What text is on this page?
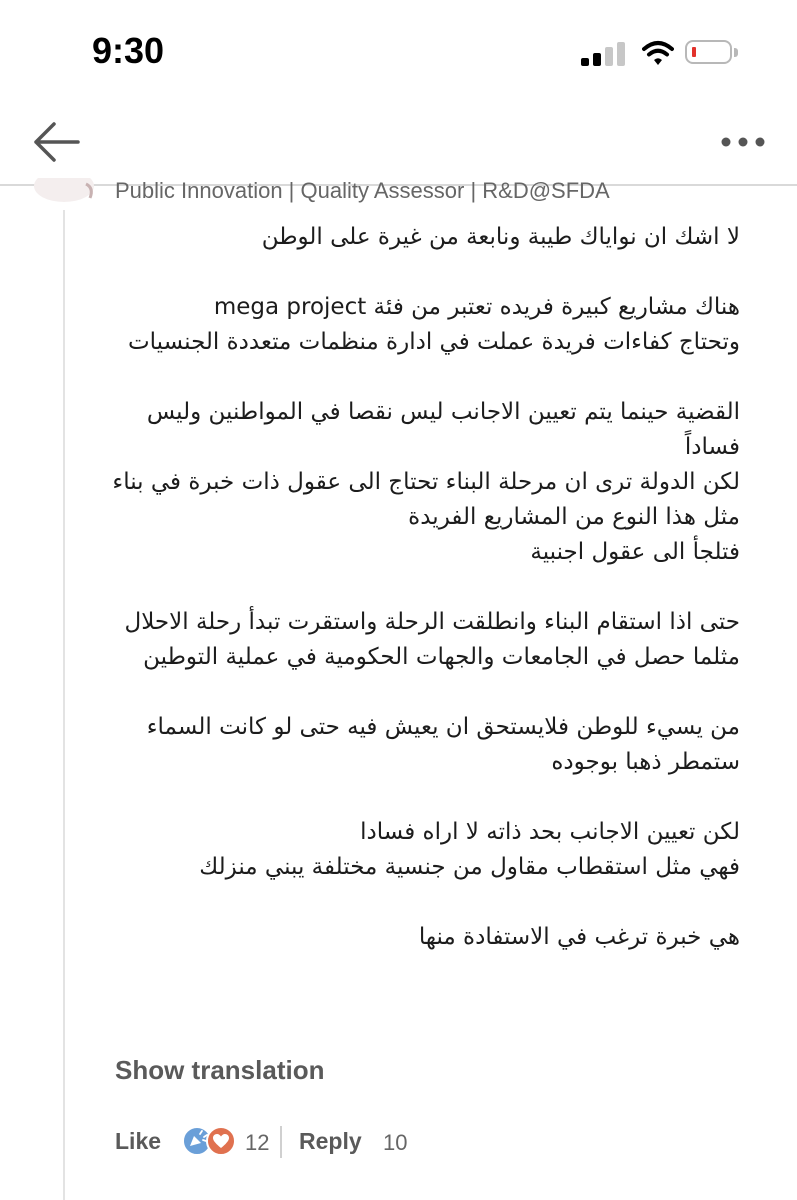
9:30
Public Innovation | Quality Assessor | R&D@SFDA

لا اشك ان نواياك طيبة ونابعة من غيرة على الوطن

هناك مشاريع كبيرة فريده تعتبر من فئة mega project
وتحتاج كفاءات فريدة عملت في ادارة منظمات متعددة الجنسيات

القضية حينما يتم تعيين الاجانب ليس نقصا في المواطنين وليس فساداً
لكن الدولة ترى ان مرحلة البناء تحتاج الى عقول ذات خبرة في بناء مثل هذا النوع من المشاريع الفريدة
فتلجأ الى عقول اجنبية

حتى اذا استقام البناء وانطلقت الرحلة واستقرت تبدأ رحلة الاحلال
مثلما حصل في الجامعات والجهات الحكومية في عملية التوطين

من يسيء للوطن فلايستحق ان يعيش فيه حتى لو كانت السماء ستمطر ذهبا بوجوده

لكن تعيين الاجانب بحد ذاته لا اراه فسادا
فهي مثل استقطاب مقاول من جنسية مختلفة يبني منزلك

هي خبرة ترغب في الاستفادة منها

Show translation
Like	12 Reply 10
